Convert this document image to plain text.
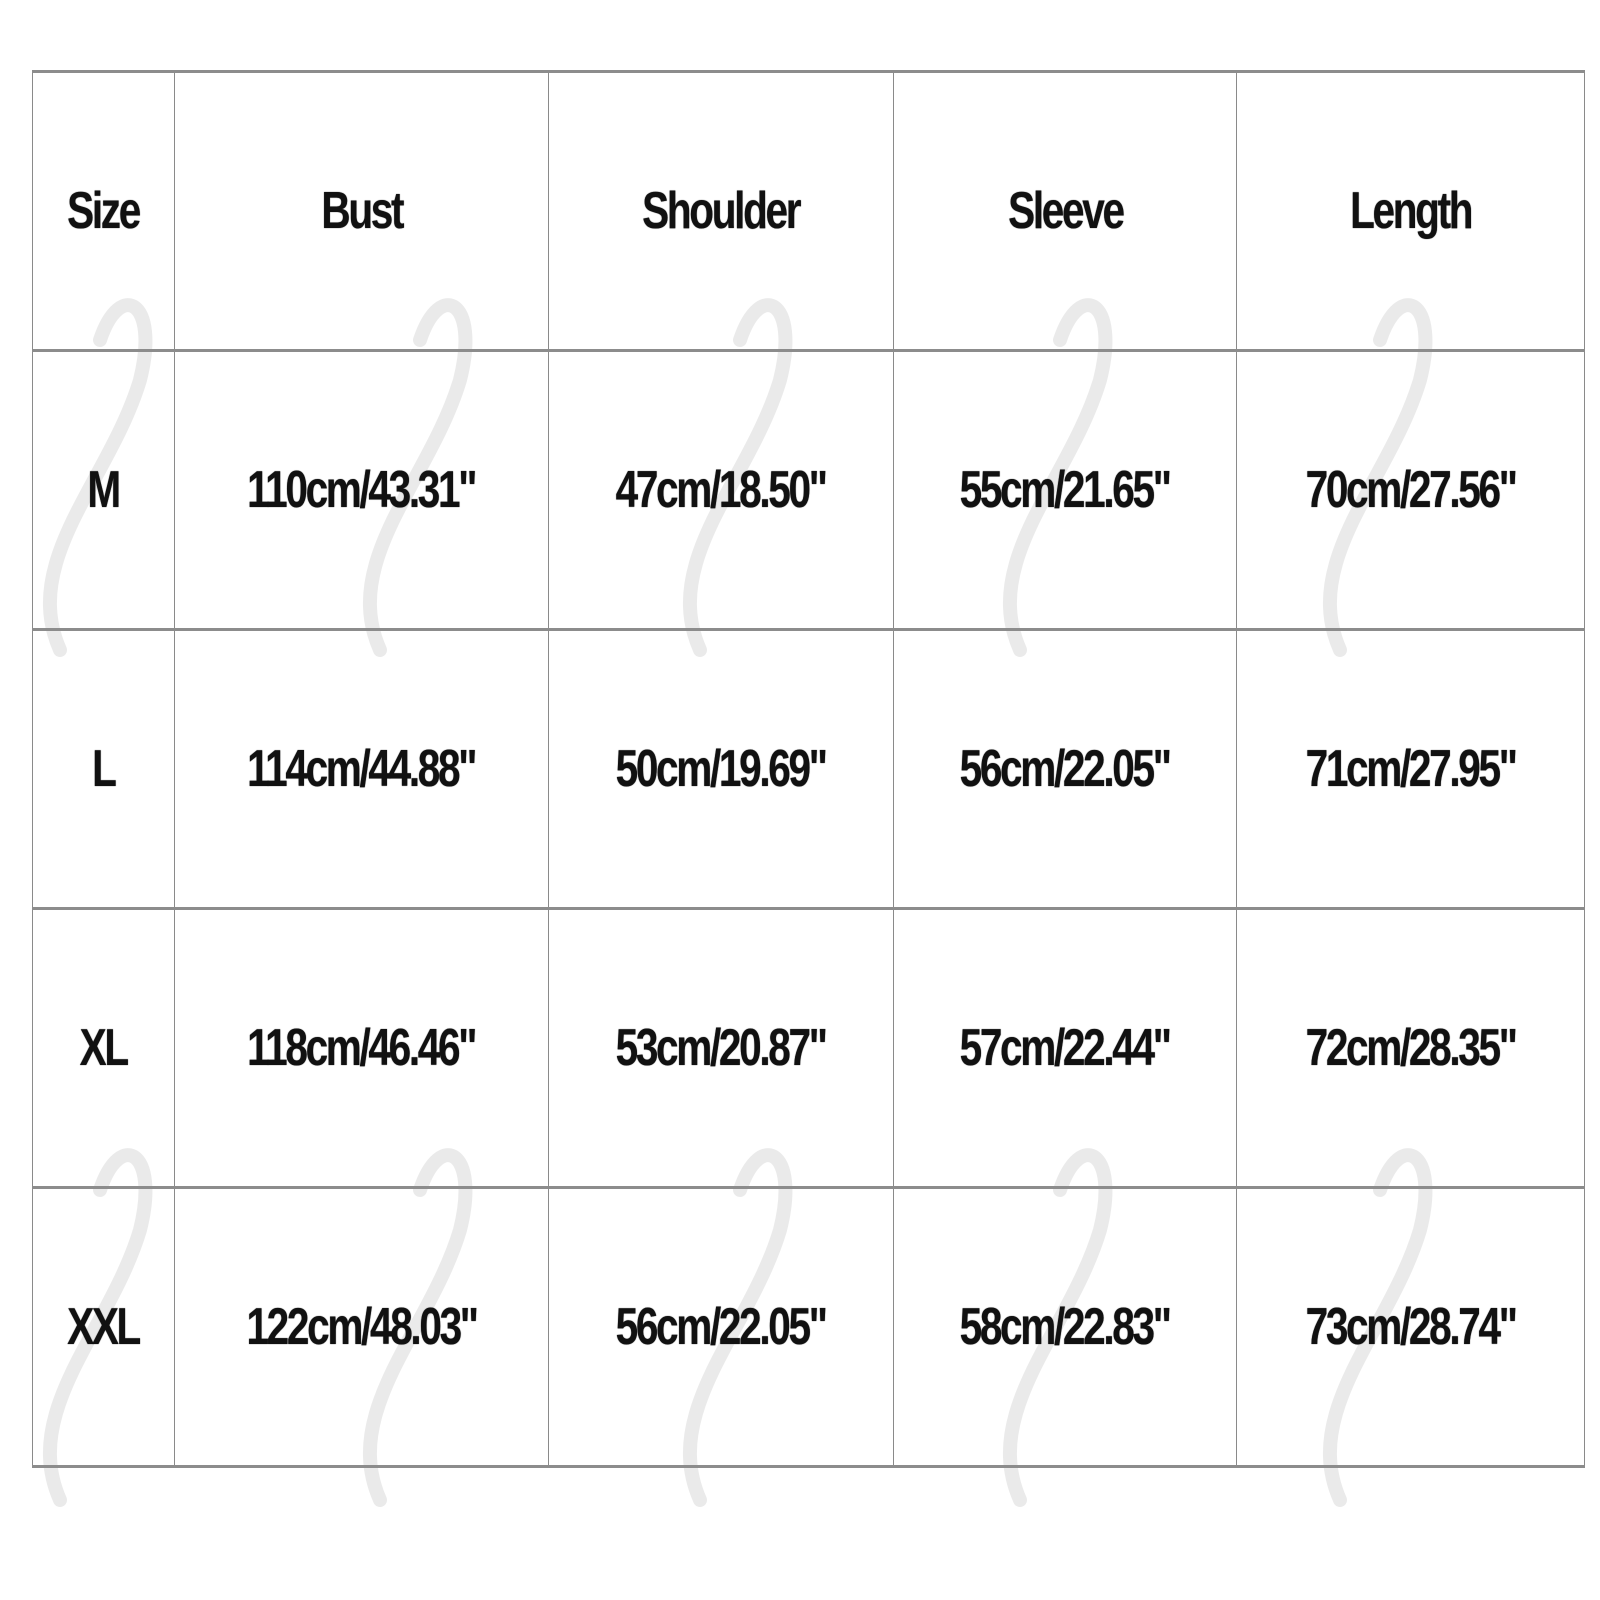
Size	Bust	Shoulder	Sleeve	Length
M	110cm/43.31"	47cm/18.50"	55cm/21.65"	70cm/27.56"
L	114cm/44.88"	50cm/19.69"	56cm/22.05"	71cm/27.95"
XL	118cm/46.46"	53cm/20.87"	57cm/22.44"	72cm/28.35"
XXL	122cm/48.03"	56cm/22.05"	58cm/22.83"	73cm/28.74"
